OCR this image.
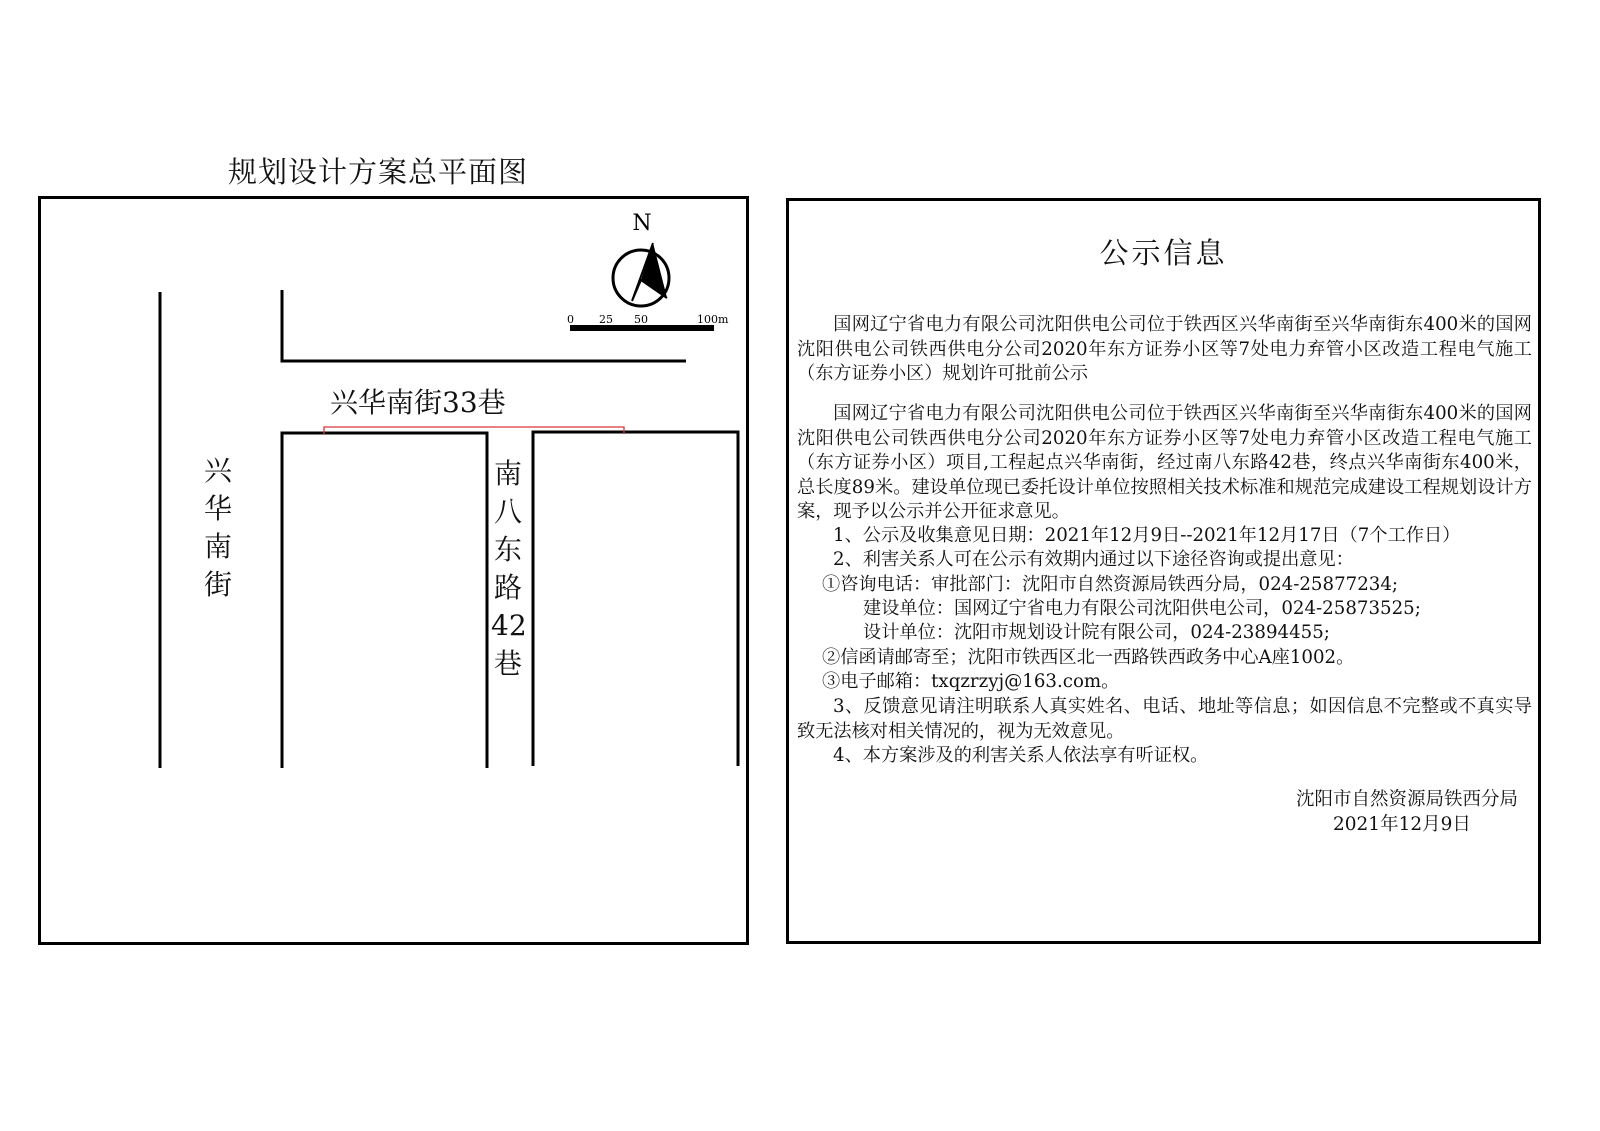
规划设计方案总平面图
N
0 25 50	100m
兴华南街33巷
兴
华
南
街
南
八
东
路
42
巷
公示信息
国网辽宁省电力有限公司沈阳供电公司位于铁西区兴华南街至兴华南街东400米的国网沈阳供电公司铁西供电分公司2020年东方证券小区等7处电力弃管小区改造工程电气施工（东方证券小区）规划许可批前公示
国网辽宁省电力有限公司沈阳供电公司位于铁西区兴华南街至兴华南街东400米的国网沈阳供电公司铁西供电分公司2020年东方证券小区等7处电力弃管小区改造工程电气施工（东方证券小区）项目,工程起点兴华南街，经过南八东路42巷，终点兴华南街东400米，总长度89米。建设单位现已委托设计单位按照相关技术标准和规范完成建设工程规划设计方案，现予以公示并公开征求意见。
1、公示及收集意见日期：2021年12月9日--2021年12月17日（7个工作日）
2、利害关系人可在公示有效期内通过以下途径咨询或提出意见：
①咨询电话：审批部门：沈阳市自然资源局铁西分局，024-25877234;
建设单位：国网辽宁省电力有限公司沈阳供电公司，024-25873525;
设计单位：沈阳市规划设计院有限公司，024-23894455;
②信函请邮寄至；沈阳市铁西区北一西路铁西政务中心A座1002。
③电子邮箱：txqzrzyj@163.com。
3、反馈意见请注明联系人真实姓名、电话、地址等信息；如因信息不完整或不真实导致无法核对相关情况的，视为无效意见。
4、本方案涉及的利害关系人依法享有听证权。
沈阳市自然资源局铁西分局
2021年12月9日
